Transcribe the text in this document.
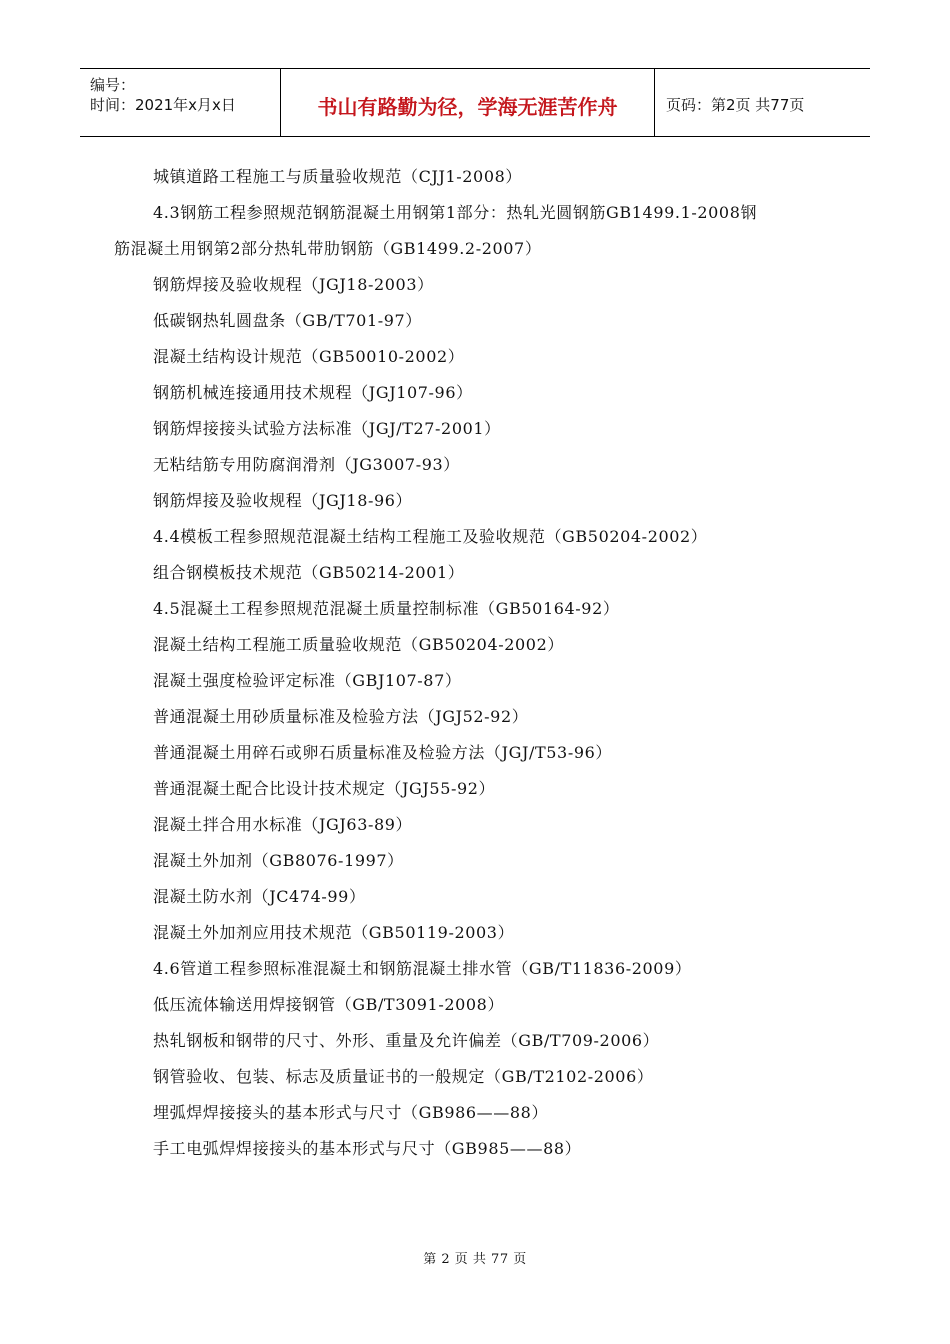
编号：
时间：2021年x月x日	书山有路勤为径，学海无涯苦作舟	页码：第2页 共77页
城镇道路工程施工与质量验收规范（CJJ1-2008）
4.3钢筋工程参照规范钢筋混凝土用钢第1部分：热轧光圆钢筋GB1499.1-2008钢
筋混凝土用钢第2部分热轧带肋钢筋（GB1499.2-2007）
钢筋焊接及验收规程（JGJ18-2003）
低碳钢热轧圆盘条（GB/T701-97）
混凝土结构设计规范（GB50010-2002）
钢筋机械连接通用技术规程（JGJ107-96）
钢筋焊接接头试验方法标准（JGJ/T27-2001）
无粘结筋专用防腐润滑剂（JG3007-93）
钢筋焊接及验收规程（JGJ18-96）
4.4模板工程参照规范混凝土结构工程施工及验收规范（GB50204-2002）
组合钢模板技术规范（GB50214-2001）
4.5混凝土工程参照规范混凝土质量控制标准（GB50164-92）
混凝土结构工程施工质量验收规范（GB50204-2002）
混凝土强度检验评定标准（GBJ107-87）
普通混凝土用砂质量标准及检验方法（JGJ52-92）
普通混凝土用碎石或卵石质量标准及检验方法（JGJ/T53-96）
普通混凝土配合比设计技术规定（JGJ55-92）
混凝土拌合用水标准（JGJ63-89）
混凝土外加剂（GB8076-1997）
混凝土防水剂（JC474-99）
混凝土外加剂应用技术规范（GB50119-2003）
4.6管道工程参照标准混凝土和钢筋混凝土排水管（GB/T11836-2009）
低压流体输送用焊接钢管（GB/T3091-2008）
热轧钢板和钢带的尺寸、外形、重量及允许偏差（GB/T709-2006）
钢管验收、包装、标志及质量证书的一般规定（GB/T2102-2006）
埋弧焊焊接接头的基本形式与尺寸（GB986——88）
手工电弧焊焊接接头的基本形式与尺寸（GB985——88）
第 2 页 共 77 页
